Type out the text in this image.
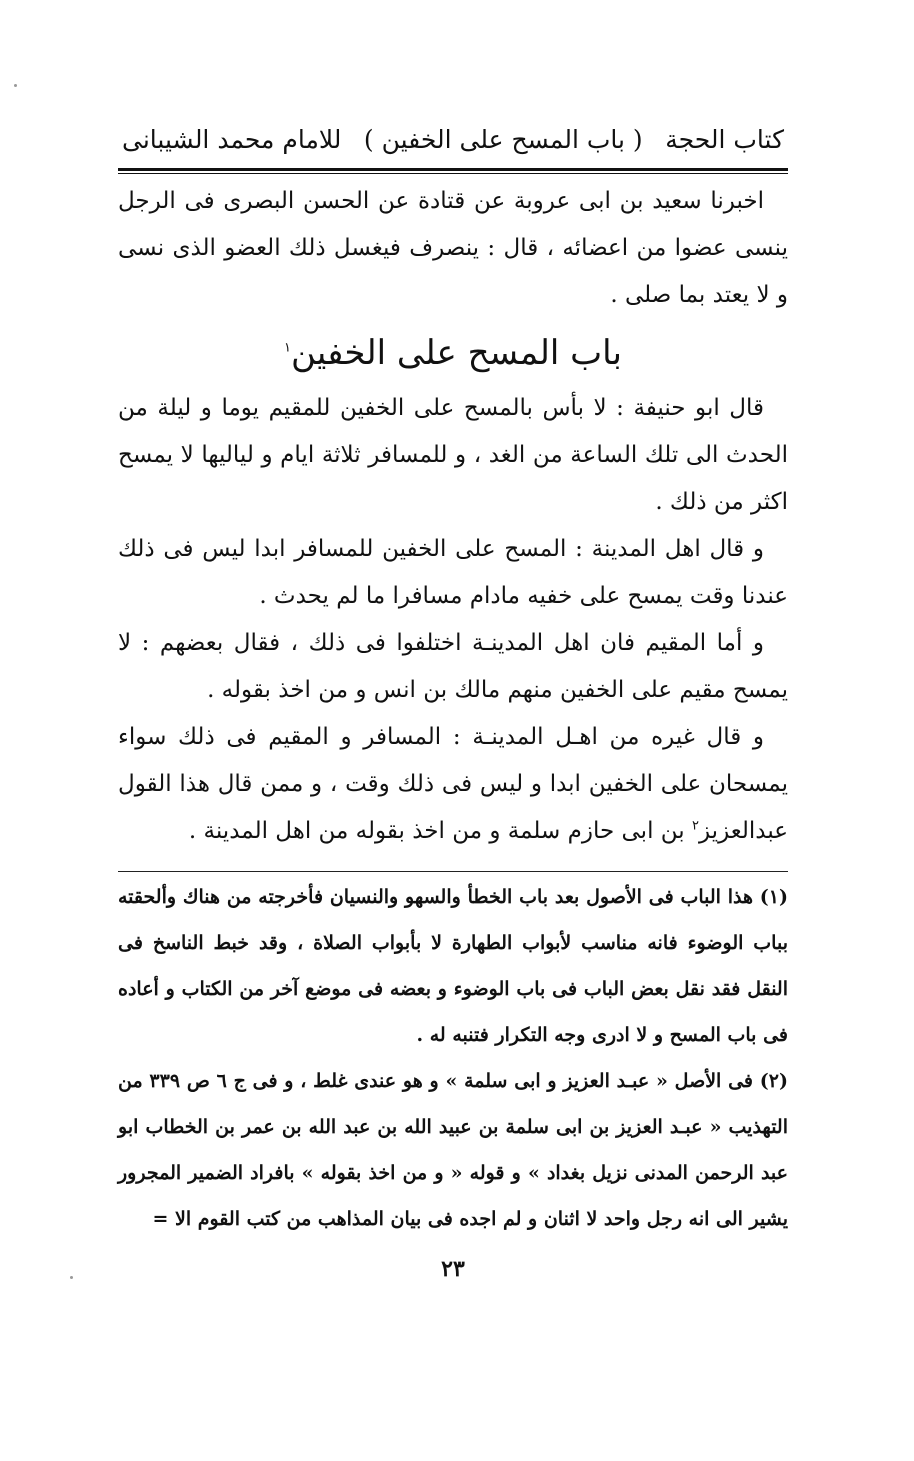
كتاب الحجة
( باب المسح على الخفين )
للامام محمد الشيبانى

اخبرنا سعيد بن ابى عروبة عن قتادة عن الحسن البصرى فى الرجل ينسى عضوا من اعضائه ، قال : ينصرف فيغسل ذلك العضو الذى نسى و لا يعتد بما صلى .

باب المسح على الخفين$^١$

قال ابو حنيفة : لا بأس بالمسح على الخفين للمقيم يوما و ليلة من الحدث الى تلك الساعة من الغد ، و للمسافر ثلاثة ايام و لياليها لا يمسح اكثر من ذلك .

و قال اهل المدينة : المسح على الخفين للمسافر ابدا ليس فى ذلك عندنا وقت يمسح على خفيه مادام مسافرا ما لم يحدث .

و أما المقيم فان اهل المدينـة اختلفوا فى ذلك ، فقال بعضهم : لا يمسح مقيم على الخفين منهم مالك بن انس و من اخذ بقوله .

و قال غيره من اهـل المدينـة : المسافر و المقيم فى ذلك سواء يمسحان على الخفين ابدا و ليس فى ذلك وقت ، و ممن قال هذا القول عبدالعزيز$^٢$ بن ابى حازم سلمة و من اخذ بقوله من اهل المدينة .

(١) هذا الباب فى الأصول بعد باب الخطأ والسهو والنسيان فأخرجته من هناك وألحقته بباب الوضوء فانه مناسب لأبواب الطهارة لا بأبواب الصلاة ، وقد خبط الناسخ فى النقل فقد نقل بعض الباب فى باب الوضوء و بعضه فى موضع آخر من الكتاب و أعاده فى باب المسح و لا ادرى وجه التكرار فتنبه له .

(٢) فى الأصل « عبـد العزيز و ابى سلمة » و هو عندى غلط ، و فى ج ٦ ص ٣٣٩ من التهذيب « عبـد العزيز بن ابى سلمة بن عبيد الله بن عبد الله بن عمر بن الخطاب ابو عبد الرحمن المدنى نزيل بغداد » و قوله « و من اخذ بقوله » بافراد الضمير المجرور يشير الى انه رجل واحد لا اثنان و لم اجده فى بيان المذاهب من كتب القوم الا =

٢٣
